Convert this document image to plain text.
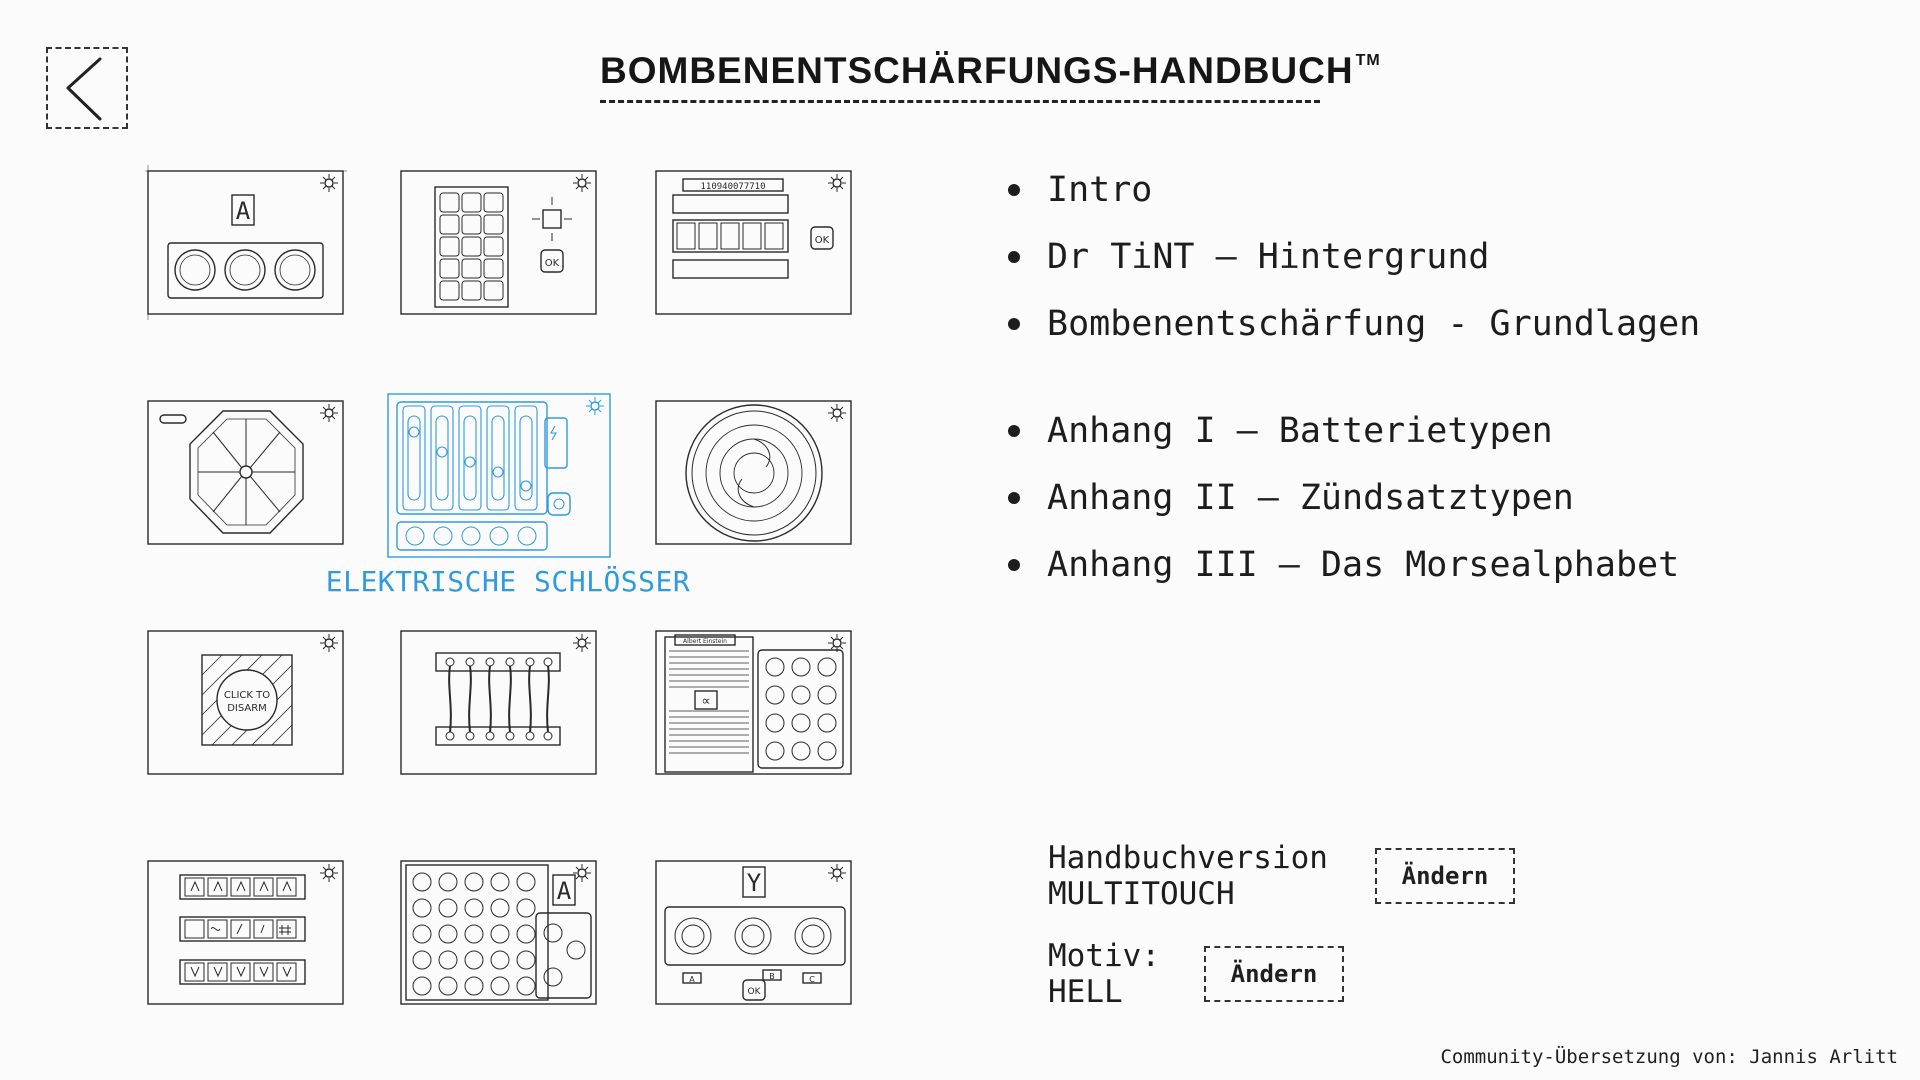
BOMBENENTSCHÄRFUNGS-HANDBUCH ™
A
OK
110940077710
OK
CLICK TO
DISARM
Albert Einstein
∝
A	Y
A	B	C
OK
ELEKTRISCHE SCHLÖSSER
Intro
Dr TiNT – Hintergrund
Bombenentschärfung - Grundlagen
Anhang I – Batterietypen
Anhang II – Zündsatztypen
Anhang III – Das Morsealphabet
Handbuchversion
MULTITOUCH	Ändern
Motiv:
HELL	Ändern
Community-Übersetzung von: Jannis Arlitt
